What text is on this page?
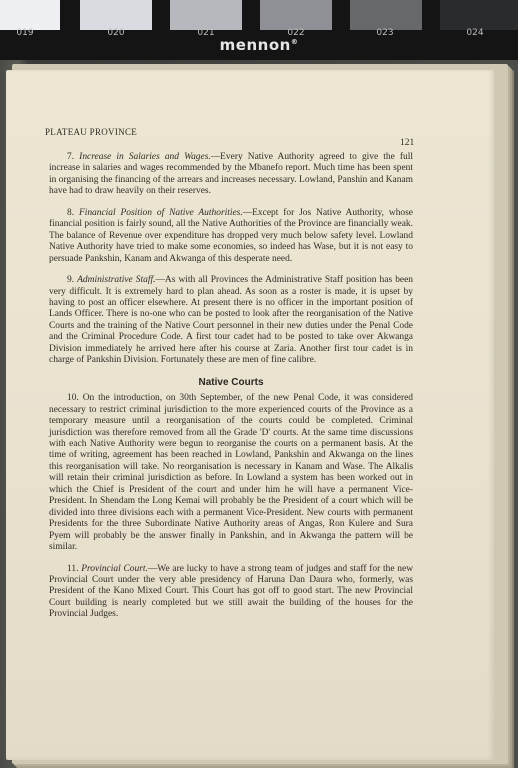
019	020	021	022	023	024
mennon®
PLATEAU PROVINCE
121

7. Increase in Salaries and Wages.—Every Native Authority agreed to give the full increase in salaries and wages recommended by the Mbanefo report. Much time has been spent in organising the financing of the arrears and increases necessary. Lowland, Panshin and Kanam have had to draw heavily on their reserves.

8. Financial Position of Native Authorities.—Except for Jos Native Authority, whose financial position is fairly sound, all the Native Authorities of the Province are financially weak. The balance of Revenue over expenditure has dropped very much below safety level. Lowland Native Authority have tried to make some economies, so indeed has Wase, but it is not easy to persuade Pankshin, Kanam and Akwanga of this desperate need.

9. Administrative Staff.—As with all Provinces the Administrative Staff position has been very difficult. It is extremely hard to plan ahead. As soon as a roster is made, it is upset by having to post an officer elsewhere. At present there is no officer in the important position of Lands Officer. There is no-one who can be posted to look after the reorganisation of the Native Courts and the training of the Native Court personnel in their new duties under the Penal Code and the Criminal Procedure Code. A first tour cadet had to be posted to take over Akwanga Division immediately he arrived here after his course at Zaria. Another first tour cadet is in charge of Pankshin Division. Fortunately these are men of fine calibre.

Native Courts

10. On the introduction, on 30th September, of the new Penal Code, it was considered necessary to restrict criminal jurisdiction to the more experienced courts of the Province as a temporary measure until a reorganisation of the courts could be completed. Criminal jurisdiction was therefore removed from all the Grade 'D' courts. At the same time discussions with each Native Authority were begun to reorganise the courts on a permanent basis. At the time of writing, agreement has been reached in Lowland, Pankshin and Akwanga on the lines this reorganisation will take. No reorganisation is necessary in Kanam and Wase. The Alkalis will retain their criminal jurisdiction as before. In Lowland a system has been worked out in which the Chief is President of the court and under him he will have a permanent Vice-President. In Shendam the Long Kemai will probably be the President of a court which will be divided into three divisions each with a permanent Vice-President. New courts with permanent Presidents for the three Subordinate Native Authority areas of Angas, Ron Kulere and Sura Pyem will probably be the answer finally in Pankshin, and in Akwanga the pattern will be similar.

11. Provincial Court.—We are lucky to have a strong team of judges and staff for the new Provincial Court under the very able presidency of Haruna Dan Daura who, formerly, was President of the Kano Mixed Court. This Court has got off to good start. The new Provincial Court building is nearly completed but we still await the building of the houses for the Provincial Judges.
